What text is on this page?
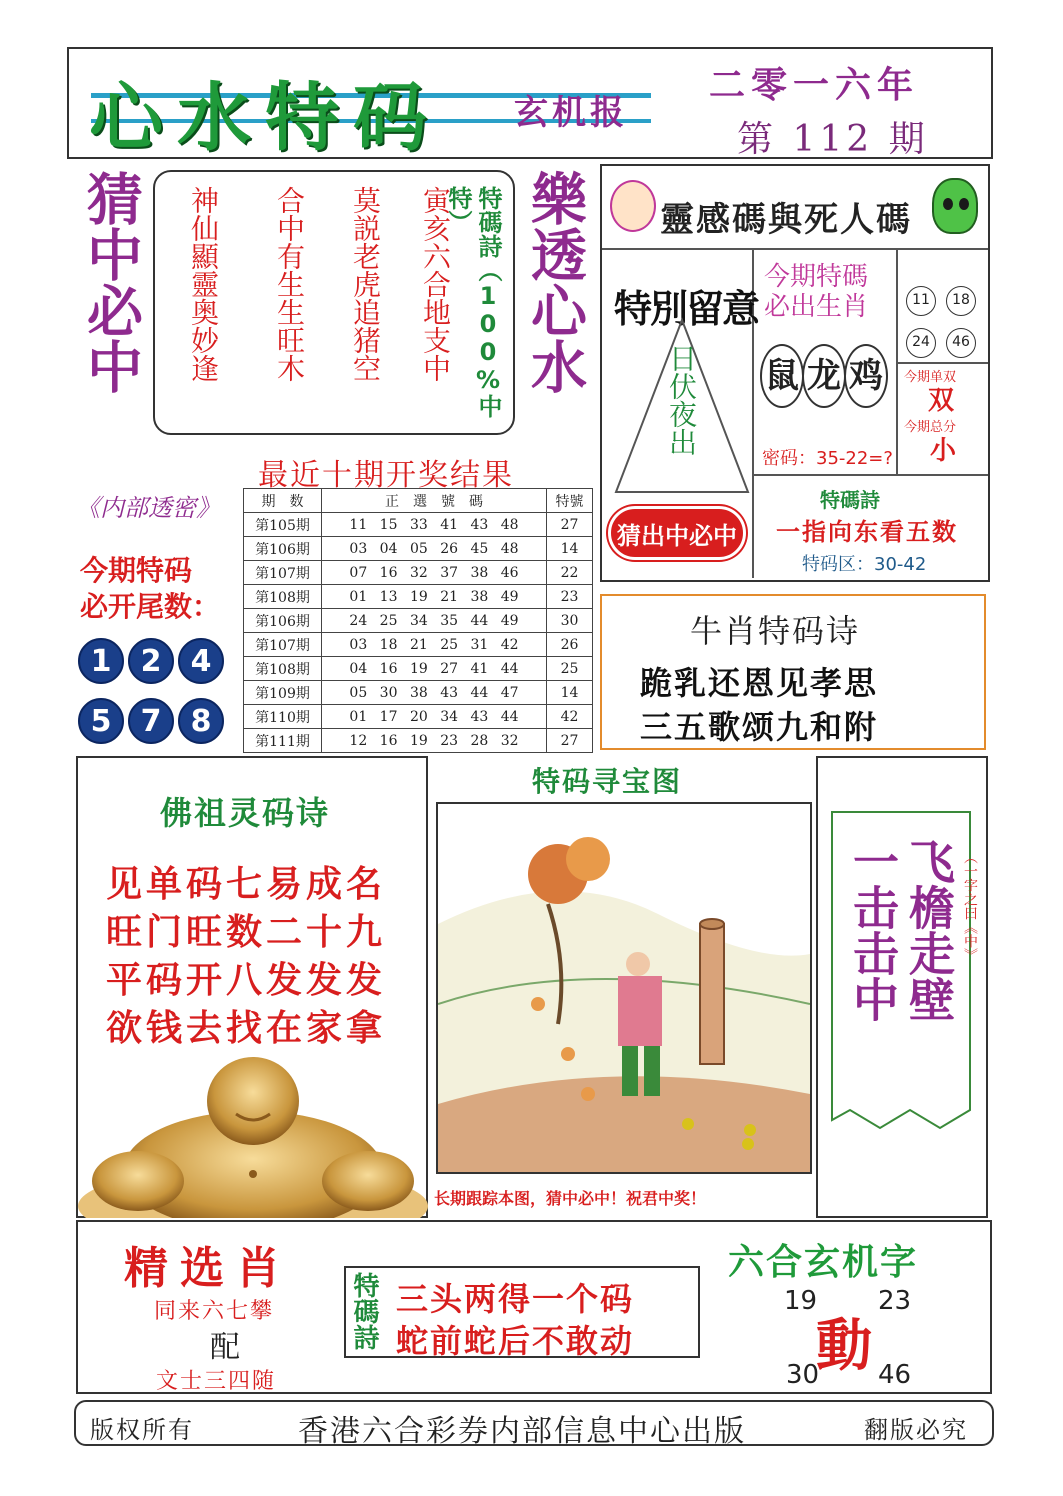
心水特码 玄机报
二零一六年
第 112 期
猜中必中	樂透心水
寅亥六合地支中
莫説老虎追猪空
合中有生生旺木
神仙顯靈奥妙逢	特碼詩（100%中特）	靈感碼與死人碼
特別留意
日伏夜出
猜出中必中
今期特碼
必出生肖
鼠 龙 鸡
密码：35-22=?
11	18
24	46
今期单双
双
今期总分
小
特碼詩
一指向东看五数
特码区：30-42
最近十期开奖结果
《内部透密》	期　数	正　選　號　碼	特號
第105期	11 15 33 41 43 48	27
第106期	03 04 05 26 45 48	14
第107期	07 16 32 37 38 46	22
第108期	01 13 19 21 38 49	23
第106期	24 25 34 35 44 49	30
第107期	03 18 21 25 31 42	26
第108期	04 16 19 27 41 44	25
第109期	05 30 38 43 44 47	14
第110期	01 17 20 34 43 44	42
第111期	12 16 19 23 28 32	27
今期特码
必开尾数：
1 2 4
5 7 8
牛肖特码诗
跪乳还恩见孝思
三五歌颂九和附
佛祖灵码诗
见单码七易成名
旺门旺数二十九
平码开八发发发
欲钱去找在家拿
特码寻宝图
长期跟踪本图，猜中必中！祝君中奖！
一击击中 飞檐走壁 （一字之曰《中》
精选肖
同来六七攀
配
文士三四随
特碼詩 三头两得一个码
蛇前蛇后不敢动
六合玄机字
19 23
30 46
動
版权所有	香港六合彩券内部信息中心出版	翻版必究
